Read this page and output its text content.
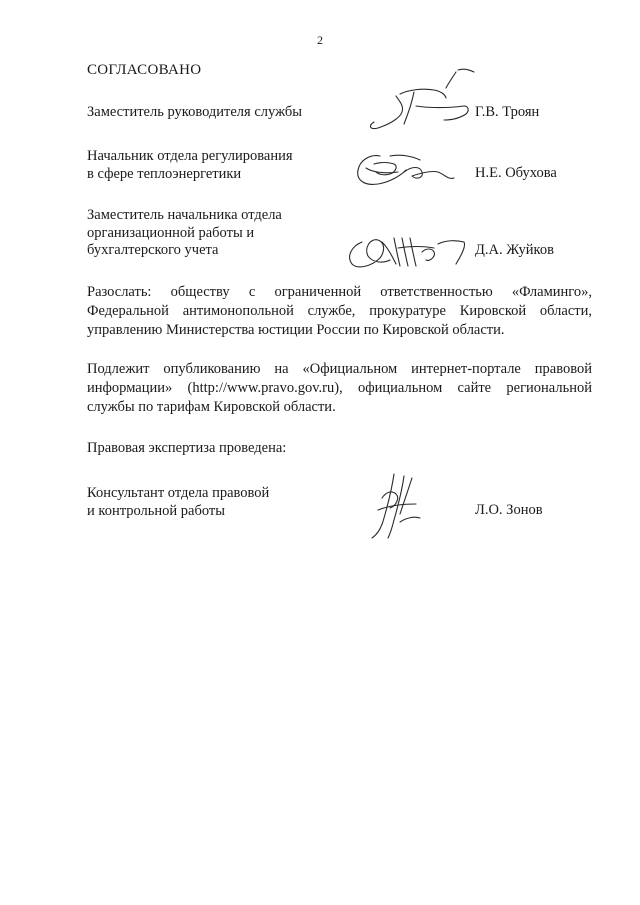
2
СОГЛАСОВАНО
Заместитель руководителя службы	Г.В. Троян
Начальник отдела регулирования
в сфере теплоэнергетики	Н.Е. Обухова
Заместитель начальника отдела
организационной работы и
бухгалтерского учета	Д.А. Жуйков
Разослать: обществу с ограниченной ответственностью «Фламинго»,
Федеральной антимонопольной службе, прокуратуре Кировской области,
управлению Министерства юстиции России по Кировской области.
Подлежит опубликованию на «Официальном интернет-портале правовой
информации» (http://www.pravo.gov.ru), официальном сайте региональной
службы по тарифам Кировской области.
Правовая экспертиза проведена:
Консультант отдела правовой
и контрольной работы	Л.О. Зонов
